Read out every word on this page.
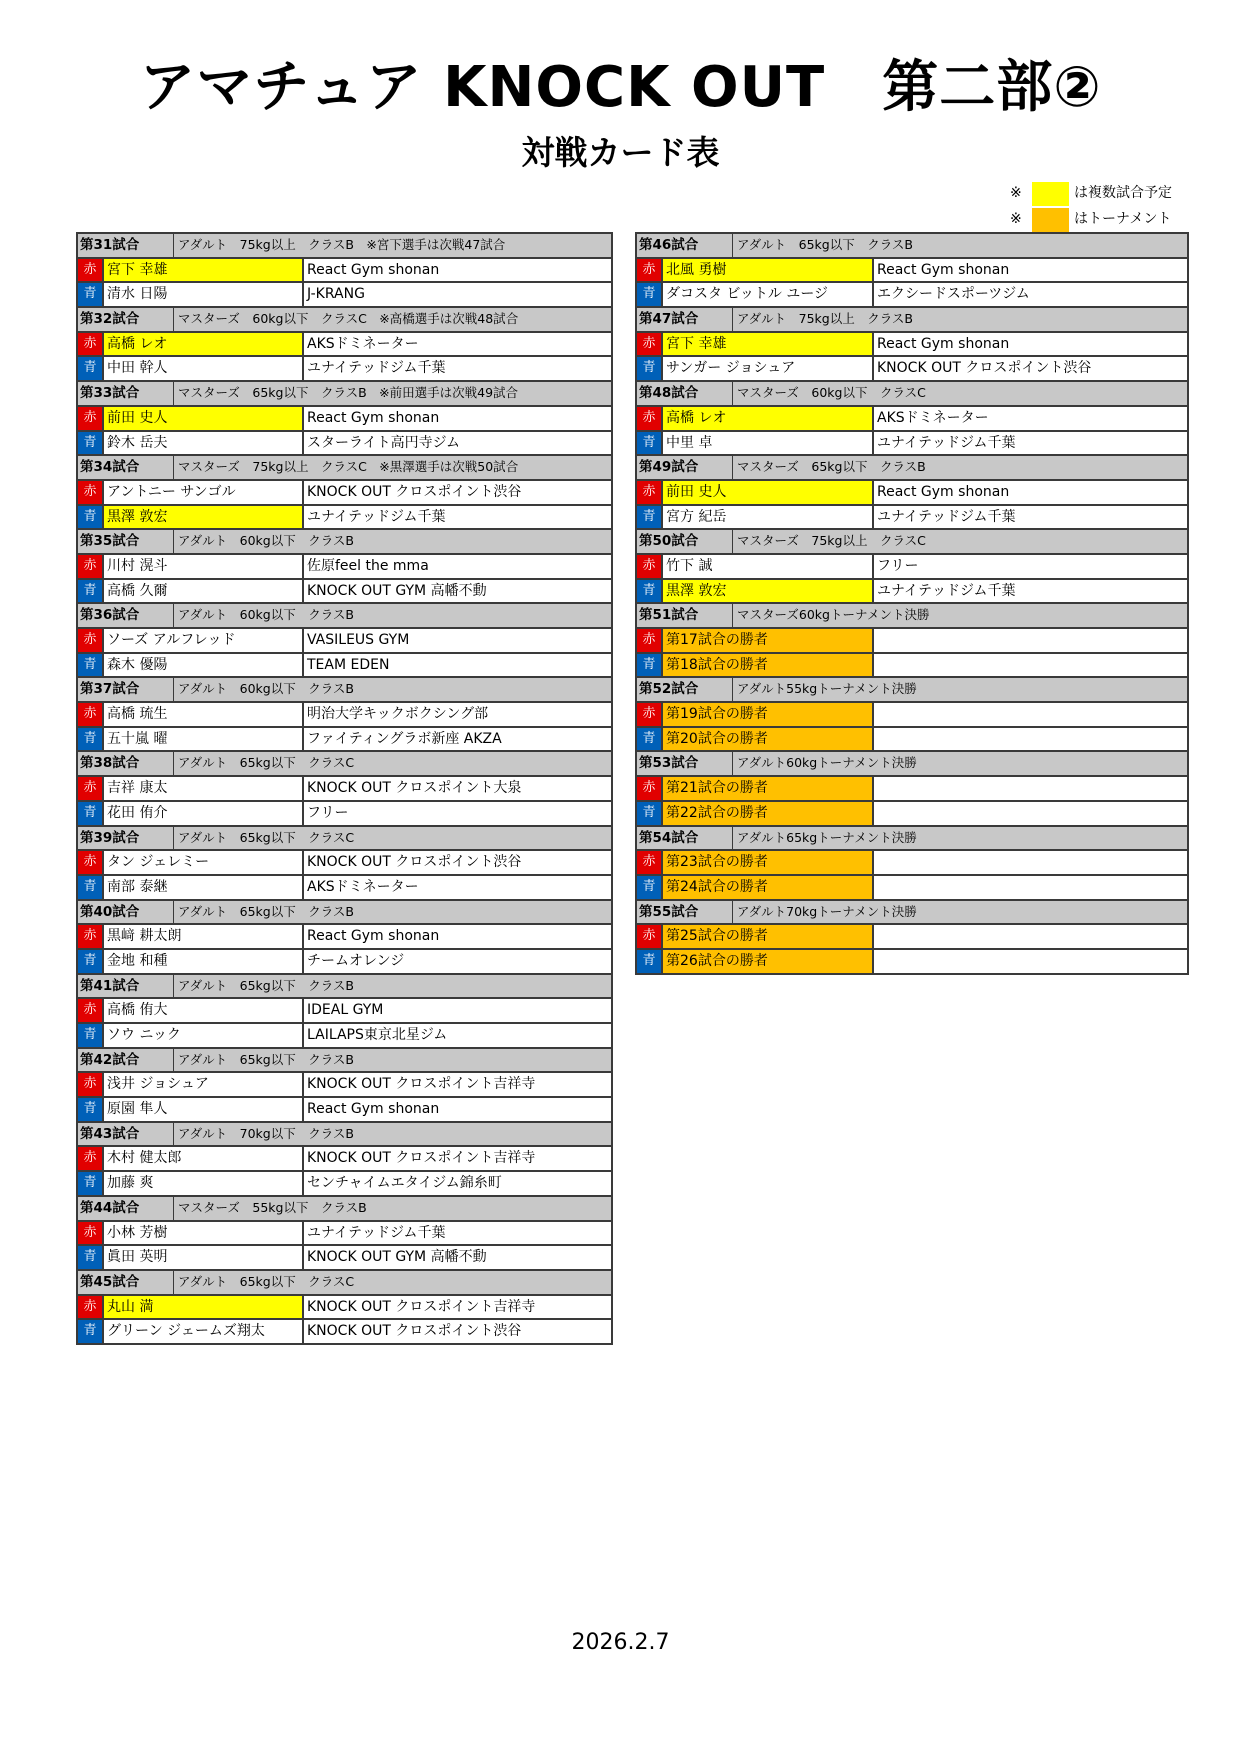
アマチュア KNOCK OUT　第二部②
対戦カード表
※	は複数試合予定
※	はトーナメント
第31試合	アダルト　75kg以上　クラスB　※宮下選手は次戦47試合
赤 宮下 幸雄	React Gym shonan
青 清水 日陽	J-KRANG
第32試合	マスターズ　60kg以下　クラスC　※高橋選手は次戦48試合
赤 高橋 レオ	AKSドミネーター
青 中田 幹人	ユナイテッドジム千葉
第33試合	マスターズ　65kg以下　クラスB　※前田選手は次戦49試合
赤 前田 史人	React Gym shonan
青 鈴木 岳夫	スターライト高円寺ジム
第34試合	マスターズ　75kg以上　クラスC　※黒澤選手は次戦50試合
赤 アントニー サンゴル	KNOCK OUT クロスポイント渋谷
青 黒澤 敦宏	ユナイテッドジム千葉
第35試合	アダルト　60kg以下　クラスB
赤 川村 滉斗	佐原feel the mma
青 高橋 久爾	KNOCK OUT GYM 高幡不動
第36試合	アダルト　60kg以下　クラスB
赤 ソーズ アルフレッド	VASILEUS GYM
青 森木 優陽	TEAM EDEN
第37試合	アダルト　60kg以下　クラスB
赤 高橋 琉生	明治大学キックボクシング部
青 五十嵐 曜	ファイティングラボ新座 AKZA
第38試合	アダルト　65kg以下　クラスC
赤 吉祥 康太	KNOCK OUT クロスポイント大泉
青 花田 侑介	フリー
第39試合	アダルト　65kg以下　クラスC
赤 タン ジェレミー	KNOCK OUT クロスポイント渋谷
青 南部 泰継	AKSドミネーター
第40試合	アダルト　65kg以下　クラスB
赤 黒﨑 耕太朗	React Gym shonan
青 金地 和種	チームオレンジ
第41試合	アダルト　65kg以下　クラスB
赤 高橋 侑大	IDEAL GYM
青 ソウ ニック	LAILAPS東京北星ジム
第42試合	アダルト　65kg以下　クラスB
赤 浅井 ジョシュア	KNOCK OUT クロスポイント吉祥寺
青 原園 隼人	React Gym shonan
第43試合	アダルト　70kg以下　クラスB
赤 木村 健太郎	KNOCK OUT クロスポイント吉祥寺
青 加藤 爽	センチャイムエタイジム錦糸町
第44試合	マスターズ　55kg以下　クラスB
赤 小林 芳樹	ユナイテッドジム千葉
青 眞田 英明	KNOCK OUT GYM 高幡不動
第45試合	アダルト　65kg以下　クラスC
赤 丸山 満	KNOCK OUT クロスポイント吉祥寺
青 グリーン ジェームズ翔太	KNOCK OUT クロスポイント渋谷
第46試合	アダルト　65kg以下　クラスB
赤 北風 勇樹	React Gym shonan
青 ダコスタ ビットル ユージ	エクシードスポーツジム
第47試合	アダルト　75kg以上　クラスB
赤 宮下 幸雄	React Gym shonan
青 サンガー ジョシュア	KNOCK OUT クロスポイント渋谷
第48試合	マスターズ　60kg以下　クラスC
赤 高橋 レオ	AKSドミネーター
青 中里 卓	ユナイテッドジム千葉
第49試合	マスターズ　65kg以下　クラスB
赤 前田 史人	React Gym shonan
青 宮方 紀岳	ユナイテッドジム千葉
第50試合	マスターズ　75kg以上　クラスC
赤 竹下 誠	フリー
青 黒澤 敦宏	ユナイテッドジム千葉
第51試合	マスターズ60kgトーナメント決勝
赤 第17試合の勝者
青 第18試合の勝者
第52試合	アダルト55kgトーナメント決勝
赤 第19試合の勝者
青 第20試合の勝者
第53試合	アダルト60kgトーナメント決勝
赤 第21試合の勝者
青 第22試合の勝者
第54試合	アダルト65kgトーナメント決勝
赤 第23試合の勝者
青 第24試合の勝者
第55試合	アダルト70kgトーナメント決勝
赤 第25試合の勝者
青 第26試合の勝者
2026.2.7
